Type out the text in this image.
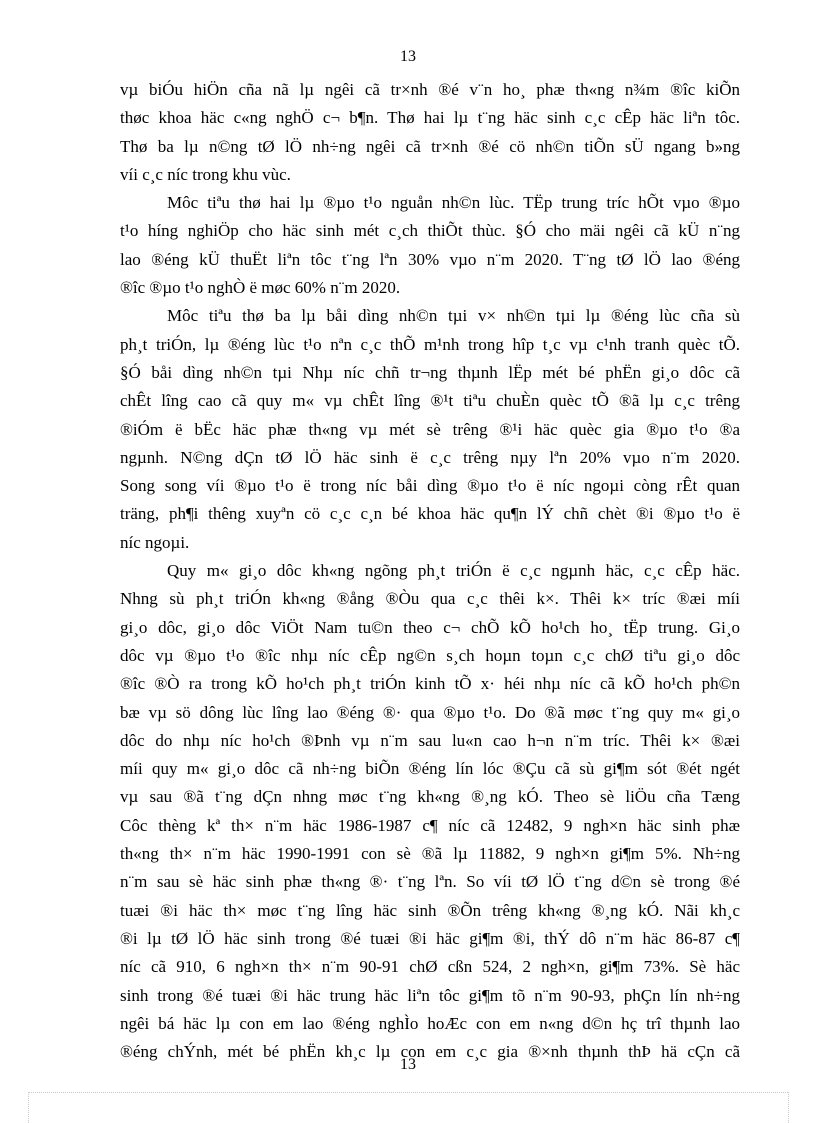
13
vµ biÓu hiÖn cña nã lµ ngêi cã tr×nh ®é v¨n ho¸ phæ th«ng n¾m ®îc kiÕn
thøc khoa häc c«ng nghÖ c¬ b¶n. Thø hai lµ t¨ng häc sinh c¸c cÊp häc liªn tôc.
Thø ba lµ n©ng tØ lÖ nh÷ng ngêi cã tr×nh ®é cö nh©n tiÕn sÜ ngang b»ng
víi c¸c níc trong khu vùc.
Môc tiªu thø hai lµ ®µo t¹o nguån nh©n lùc. TËp trung tríc hÕt vµo ®µo
t¹o híng nghiÖp cho häc sinh mét c¸ch thiÕt thùc. §Ó cho mäi ngêi cã kÜ n¨ng
lao ®éng kÜ thuËt liªn tôc t¨ng lªn 30% vµo n¨m 2020. T¨ng tØ lÖ lao ®éng
®îc ®µo t¹o nghÒ ë møc 60% n¨m 2020.
Môc tiªu thø ba lµ båi dìng nh©n tµi v× nh©n tµi lµ ®éng lùc cña sù
ph¸t triÓn, lµ ®éng lùc t¹o nªn c¸c thÕ m¹nh trong hîp t¸c vµ c¹nh tranh quèc tÕ.
§Ó båi dìng nh©n tµi Nhµ níc chñ tr¬ng thµnh lËp mét bé phËn gi¸o dôc cã
chÊt lîng cao cã quy m« vµ chÊt lîng ®¹t tiªu chuÈn quèc tÕ ®ã lµ c¸c trêng
®iÓm ë bËc häc phæ th«ng vµ mét sè trêng ®¹i häc quèc gia ®µo t¹o ®a
ngµnh. N©ng dÇn tØ lÖ häc sinh ë c¸c trêng nµy lªn 20% vµo n¨m 2020.
Song song víi ®µo t¹o ë trong níc båi dìng ®µo t¹o ë níc ngoµi còng rÊt quan
träng, ph¶i thêng xuyªn cö c¸c c¸n bé khoa häc qu¶n lÝ chñ chèt ®i ®µo t¹o ë
níc ngoµi.
Quy m« gi¸o dôc kh«ng ngõng ph¸t triÓn ë c¸c ngµnh häc, c¸c cÊp häc.
Nhng sù ph¸t triÓn kh«ng ®ång ®Òu qua c¸c thêi k×. Thêi k× tríc ®æi míi
gi¸o dôc, gi¸o dôc ViÖt Nam tu©n theo c¬ chÕ kÕ ho¹ch ho¸ tËp trung. Gi¸o
dôc vµ ®µo t¹o ®îc nhµ níc cÊp ng©n s¸ch hoµn toµn c¸c chØ tiªu gi¸o dôc
®îc ®Ò ra trong kÕ ho¹ch ph¸t triÓn kinh tÕ x· héi nhµ níc cã kÕ ho¹ch ph©n
bæ vµ sö dông lùc lîng lao ®éng ®· qua ®µo t¹o. Do ®ã møc t¨ng quy m« gi¸o
dôc do nhµ níc ho¹ch ®Þnh vµ n¨m sau lu«n cao h¬n n¨m tríc. Thêi k× ®æi
míi quy m« gi¸o dôc cã nh÷ng biÕn ®éng lín lóc ®Çu cã sù gi¶m sót ®ét ngét
vµ sau ®ã t¨ng dÇn nhng møc t¨ng kh«ng ®¸ng kÓ. Theo sè liÖu cña Tæng
Côc thèng kª th× n¨m häc 1986-1987 c¶ níc cã 12482, 9 ngh×n häc sinh phæ
th«ng th× n¨m häc 1990-1991 con sè ®ã lµ 11882, 9 ngh×n gi¶m 5%. Nh÷ng
n¨m sau sè häc sinh phæ th«ng ®· t¨ng lªn. So víi tØ lÖ t¨ng d©n sè trong ®é
tuæi ®i häc th× møc t¨ng lîng häc sinh ®Õn trêng kh«ng ®¸ng kÓ. Nãi kh¸c
®i lµ tØ lÖ häc sinh trong ®é tuæi ®i häc gi¶m ®i, thÝ dô n¨m häc 86-87 c¶
níc cã 910, 6 ngh×n th× n¨m 90-91 chØ cßn 524, 2 ngh×n, gi¶m 73%. Sè häc
sinh trong ®é tuæi ®i häc trung häc liªn tôc gi¶m tõ n¨m 90-93, phÇn lín nh÷ng
ngêi bá häc lµ con em lao ®éng nghÌo hoÆc con em n«ng d©n hç trî thµnh lao
®éng chÝnh, mét bé phËn kh¸c lµ con em c¸c gia ®×nh thµnh thÞ hä cÇn cã
13
